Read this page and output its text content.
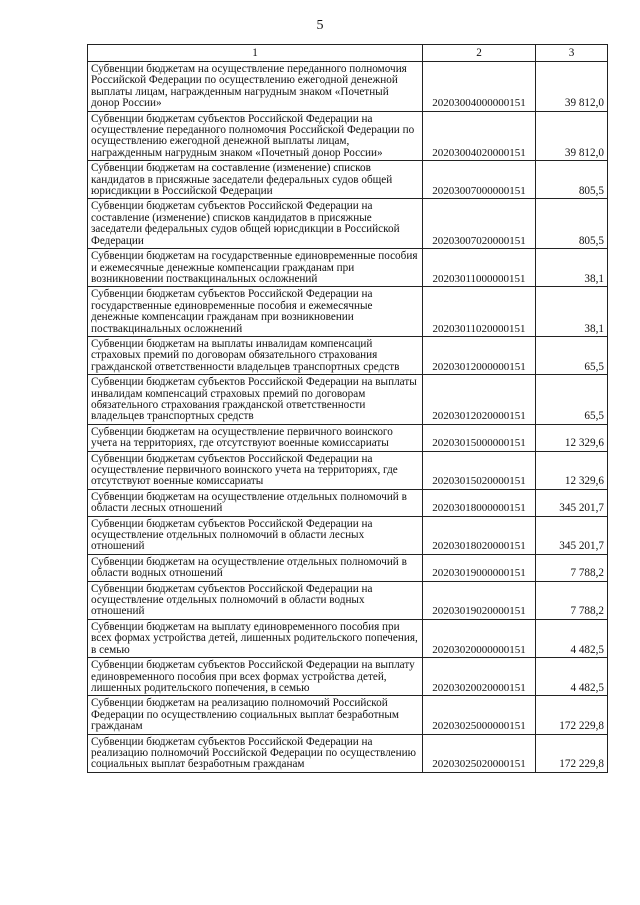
5
1	2	3
Субвенции бюджетам на осуществление переданного полномочия Российской Федерации по осуществлению ежегодной денежной выплаты лицам, награжденным нагрудным знаком «Почетный донор России»	20203004000000151	39 812,0
Субвенции бюджетам субъектов Российской Федерации на осуществление переданного полномочия Российской Федерации по осуществлению ежегодной денежной выплаты лицам, награжденным нагрудным знаком «Почетный донор России»	20203004020000151	39 812,0
Субвенции бюджетам на составление (изменение) списков кандидатов в присяжные заседатели федеральных судов общей юрисдикции в Российской Федерации	20203007000000151	805,5
Субвенции бюджетам субъектов Российской Федерации на составление (изменение) списков кандидатов в присяжные заседатели федеральных судов общей юрисдикции в Российской Федерации	20203007020000151	805,5
Субвенции бюджетам на государственные единовременные пособия и ежемесячные денежные компенсации гражданам при возникновении поствакцинальных осложнений	20203011000000151	38,1
Субвенции бюджетам субъектов Российской Федерации на государственные единовременные пособия и ежемесячные денежные компенсации гражданам при возникновении поствакцинальных осложнений	20203011020000151	38,1
Субвенции бюджетам на выплаты инвалидам компенсаций страховых премий по договорам обязательного страхования гражданской ответственности владельцев транспортных средств	20203012000000151	65,5
Субвенции бюджетам субъектов Российской Федерации на выплаты инвалидам компенсаций страховых премий по договорам обязательного страхования гражданской ответственности владельцев транспортных средств	20203012020000151	65,5
Субвенции бюджетам на осуществление первичного воинского учета на территориях, где отсутствуют военные комиссариаты	20203015000000151	12 329,6
Субвенции бюджетам субъектов Российской Федерации на осуществление первичного воинского учета на территориях, где отсутствуют военные комиссариаты	20203015020000151	12 329,6
Субвенции бюджетам на осуществление отдельных полномочий в области лесных отношений	20203018000000151	345 201,7
Субвенции бюджетам субъектов Российской Федерации на осуществление отдельных полномочий в области лесных отношений	20203018020000151	345 201,7
Субвенции бюджетам на осуществление отдельных полномочий в области водных отношений	20203019000000151	7 788,2
Субвенции бюджетам субъектов Российской Федерации на осуществление отдельных полномочий в области водных отношений	20203019020000151	7 788,2
Субвенции бюджетам на выплату единовременного пособия при всех формах устройства детей, лишенных родительского попечения, в семью	20203020000000151	4 482,5
Субвенции бюджетам субъектов Российской Федерации на выплату единовременного пособия при всех формах устройства детей, лишенных родительского попечения, в семью	20203020020000151	4 482,5
Субвенции бюджетам на реализацию полномочий Российской Федерации по осуществлению социальных выплат безработным гражданам	20203025000000151	172 229,8
Субвенции бюджетам субъектов Российской Федерации на реализацию полномочий Российской Федерации по осуществлению социальных выплат безработным гражданам	20203025020000151	172 229,8
